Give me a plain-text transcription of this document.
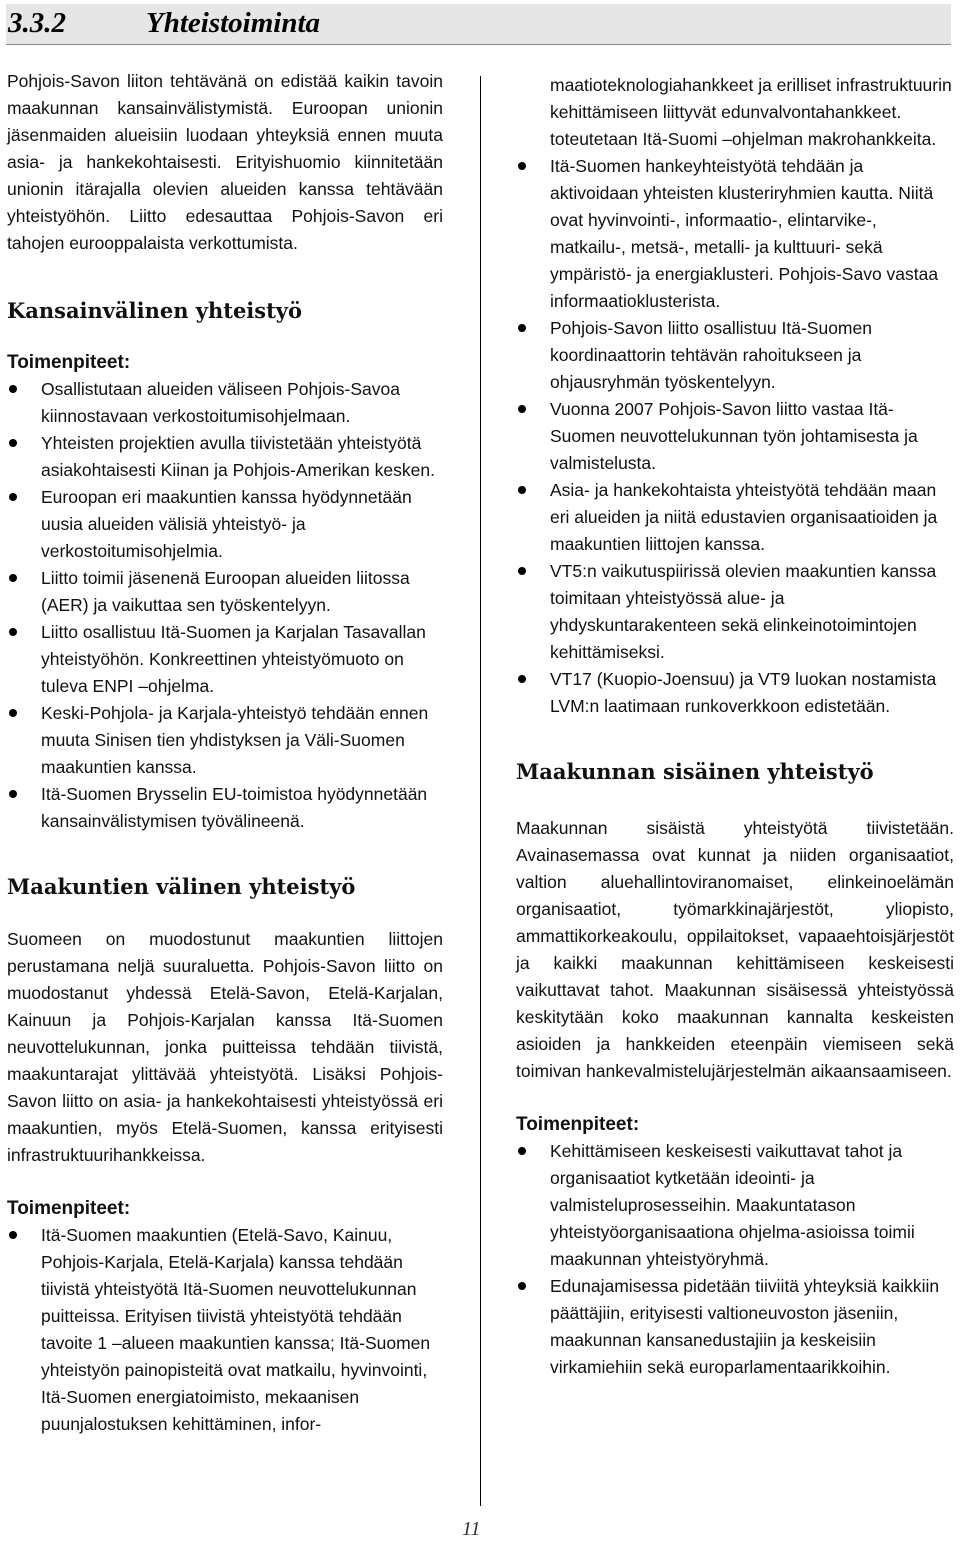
3.3.2	Yhteistoiminta

Pohjois-Savon liiton tehtävänä on edistää kaikin tavoin maakunnan kansainvälistymistä. Euroopan unionin jäsenmaiden alueisiin luodaan yhteyksiä ennen muuta asia- ja hankekohtaisesti. Erityishuomio kiinnitetään unionin itärajalla olevien alueiden kanssa tehtävään yhteistyöhön. Liitto edesauttaa Pohjois-Savon eri tahojen eurooppalaista verkottumista.

Kansainvälinen yhteistyö
Toimenpiteet:
Osallistutaan alueiden väliseen Pohjois-Savoa kiinnostavaan verkostoitumisohjelmaan.
Yhteisten projektien avulla tiivistetään yhteistyötä asiakohtaisesti Kiinan ja Pohjois-Amerikan kesken.
Euroopan eri maakuntien kanssa hyödynnetään uusia alueiden välisiä yhteistyö- ja verkostoitumisohjelmia.
Liitto toimii jäsenenä Euroopan alueiden liitossa (AER) ja vaikuttaa sen työskentelyyn.
Liitto osallistuu Itä-Suomen ja Karjalan Tasavallan yhteistyöhön. Konkreettinen yhteistyömuoto on tuleva ENPI –ohjelma.
Keski-Pohjola- ja Karjala-yhteistyö tehdään ennen muuta Sinisen tien yhdistyksen ja Väli-Suomen maakuntien kanssa.
Itä-Suomen Brysselin EU-toimistoa hyödynnetään kansainvälistymisen työvälineenä.
Maakuntien välinen yhteistyö

Suomeen on muodostunut maakuntien liittojen perustamana neljä suuraluetta. Pohjois-Savon liitto on muodostanut yhdessä Etelä-Savon, Etelä-Karjalan, Kainuun ja Pohjois-Karjalan kanssa Itä-Suomen neuvottelukunnan, jonka puitteissa tehdään tiivistä, maakuntarajat ylittävää yhteistyötä. Lisäksi Pohjois-Savon liitto on asia- ja hankekohtaisesti yhteistyössä eri maakuntien, myös Etelä-Suomen, kanssa erityisesti infrastruktuurihankkeissa.

Toimenpiteet:
Itä-Suomen maakuntien (Etelä-Savo, Kainuu, Pohjois-Karjala, Etelä-Karjala) kanssa tehdään tiivistä yhteistyötä Itä-Suomen neuvottelukunnan puitteissa. Erityisen tiivistä yhteistyötä tehdään tavoite 1 –alueen maakuntien kanssa; Itä-Suomen yhteistyön painopisteitä ovat matkailu, hyvinvointi, Itä-Suomen energiatoimisto, mekaanisen puunjalostuksen kehittäminen, infor-
maatioteknologiahankkeet ja erilliset infrastruktuurin kehittämiseen liittyvät edunvalvontahankkeet. toteutetaan Itä-Suomi –ohjelman makrohankkeita.
Itä-Suomen hankeyhteistyötä tehdään ja aktivoidaan yhteisten klusteriryhmien kautta. Niitä ovat hyvinvointi-, informaatio-, elintarvike-, matkailu-, metsä-, metalli- ja kulttuuri- sekä ympäristö- ja energiaklusteri. Pohjois-Savo vastaa informaatioklusterista.
Pohjois-Savon liitto osallistuu Itä-Suomen koordinaattorin tehtävän rahoitukseen ja ohjausryhmän työskentelyyn.
Vuonna 2007 Pohjois-Savon liitto vastaa Itä-Suomen neuvottelukunnan työn johtamisesta ja valmistelusta.
Asia- ja hankekohtaista yhteistyötä tehdään maan eri alueiden ja niitä edustavien organisaatioiden ja maakuntien liittojen kanssa.
VT5:n vaikutuspiirissä olevien maakuntien kanssa toimitaan yhteistyössä alue- ja yhdyskuntarakenteen sekä elinkeinotoimintojen kehittämiseksi.
VT17 (Kuopio-Joensuu) ja VT9 luokan nostamista LVM:n laatimaan runkoverkkoon edistetään.
Maakunnan sisäinen yhteistyö

Maakunnan sisäistä yhteistyötä tiivistetään. Avainasemassa ovat kunnat ja niiden organisaatiot, valtion aluehallintoviranomaiset, elinkeinoelämän organisaatiot, työmarkkinajärjestöt, yliopisto, ammattikorkeakoulu, oppilaitokset, vapaaehtoisjärjestöt ja kaikki maakunnan kehittämiseen keskeisesti vaikuttavat tahot. Maakunnan sisäisessä yhteistyössä keskitytään koko maakunnan kannalta keskeisten asioiden ja hankkeiden eteenpäin viemiseen sekä toimivan hankevalmistelujärjestelmän aikaansaamiseen.

Toimenpiteet:
Kehittämiseen keskeisesti vaikuttavat tahot ja organisaatiot kytketään ideointi- ja valmisteluprosesseihin. Maakuntatason yhteistyöorganisaationa ohjelma-asioissa toimii maakunnan yhteistyöryhmä.
Edunajamisessa pidetään tiiviitä yhteyksiä kaikkiin päättäjiin, erityisesti valtioneuvoston jäseniin, maakunnan kansanedustajiin ja keskeisiin virkamiehiin sekä europarlamentaarikkoihin.
11
